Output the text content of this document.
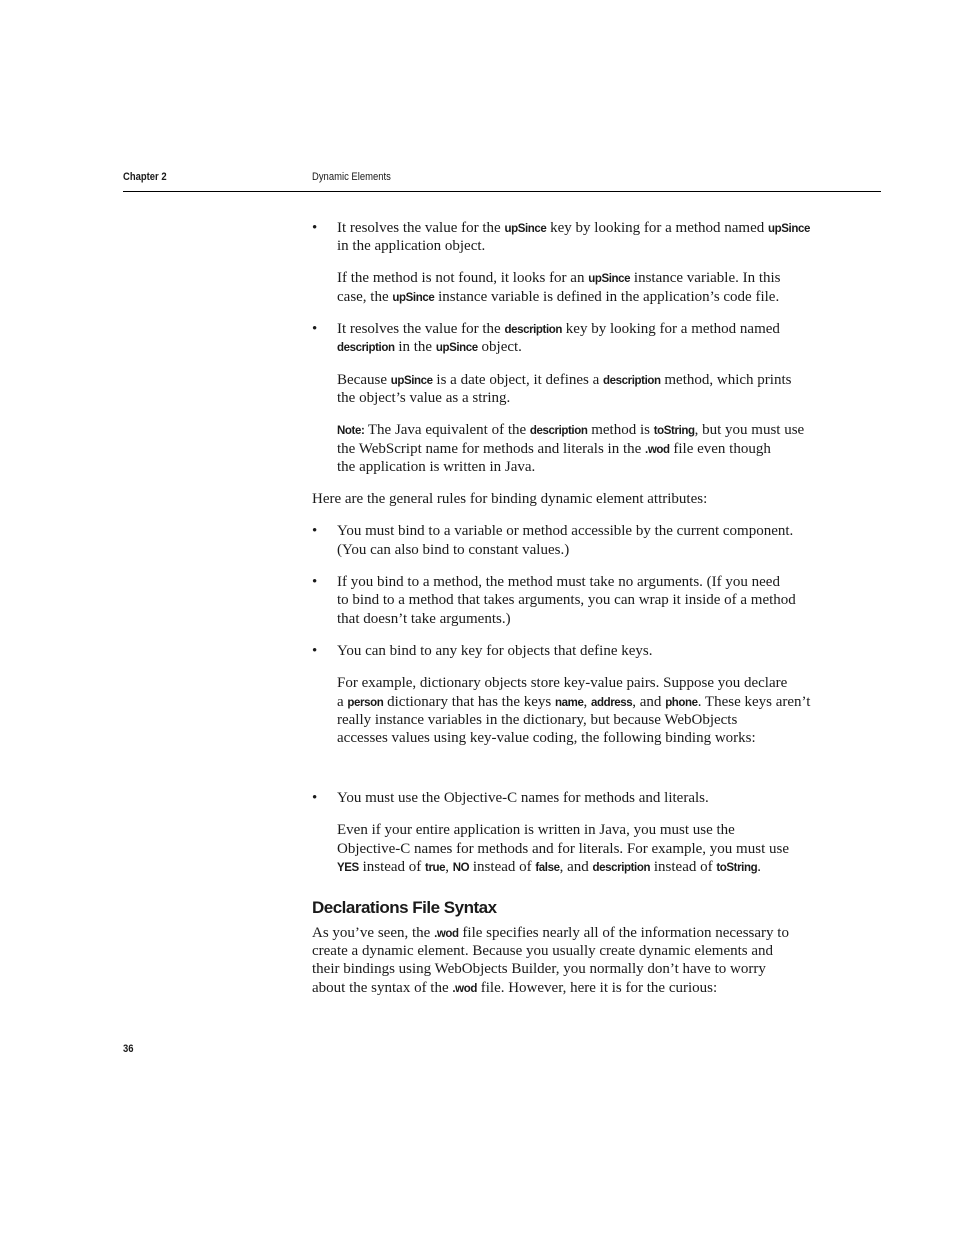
Chapter 2	Dynamic Elements
• It resolves the value for the upSince key by looking for a method named upSince
in the application object.
If the method is not found, it looks for an upSince instance variable. In this
case, the upSince instance variable is defined in the application’s code file.
• It resolves the value for the description key by looking for a method named
description in the upSince object.
Because upSince is a date object, it defines a description method, which prints
the object’s value as a string.
Note: The Java equivalent of the description method is toString, but you must use
the WebScript name for methods and literals in the .wod file even though
the application is written in Java.
Here are the general rules for binding dynamic element attributes:
• You must bind to a variable or method accessible by the current component.
(You can also bind to constant values.)
• If you bind to a method, the method must take no arguments. (If you need
to bind to a method that takes arguments, you can wrap it inside of a method
that doesn’t take arguments.)
• You can bind to any key for objects that define keys.
For example, dictionary objects store key-value pairs. Suppose you declare
a person dictionary that has the keys name, address, and phone. These keys aren’t
really instance variables in the dictionary, but because WebObjects
accesses values using key-value coding, the following binding works:
• You must use the Objective-C names for methods and literals.
Even if your entire application is written in Java, you must use the
Objective-C names for methods and for literals. For example, you must use
YES instead of true, NO instead of false, and description instead of toString.
Declarations File Syntax
As you’ve seen, the .wod file specifies nearly all of the information necessary to
create a dynamic element. Because you usually create dynamic elements and
their bindings using WebObjects Builder, you normally don’t have to worry
about the syntax of the .wod file. However, here it is for the curious:
36
